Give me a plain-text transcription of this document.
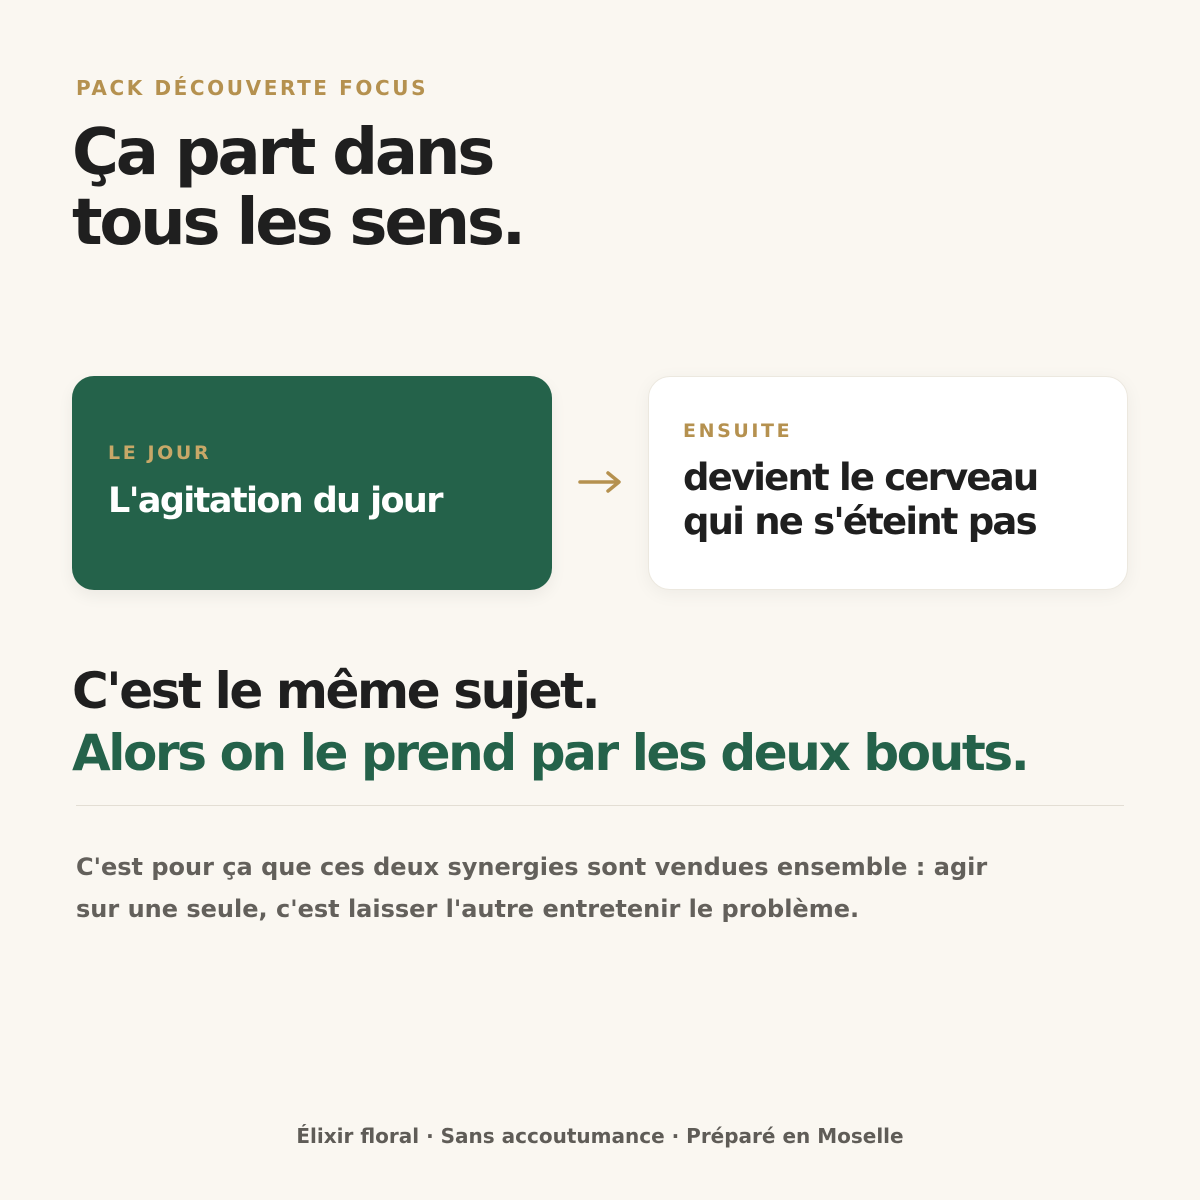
PACK DÉCOUVERTE FOCUS
Ça part dans
tous les sens.
LE JOUR
L'agitation du jour
ENSUITE
devient le cerveau
qui ne s'éteint pas
C'est le même sujet.
Alors on le prend par les deux bouts.

C'est pour ça que ces deux synergies sont vendues ensemble : agir
sur une seule, c'est laisser l'autre entretenir le problème.

Élixir floral · Sans accoutumance · Préparé en Moselle
